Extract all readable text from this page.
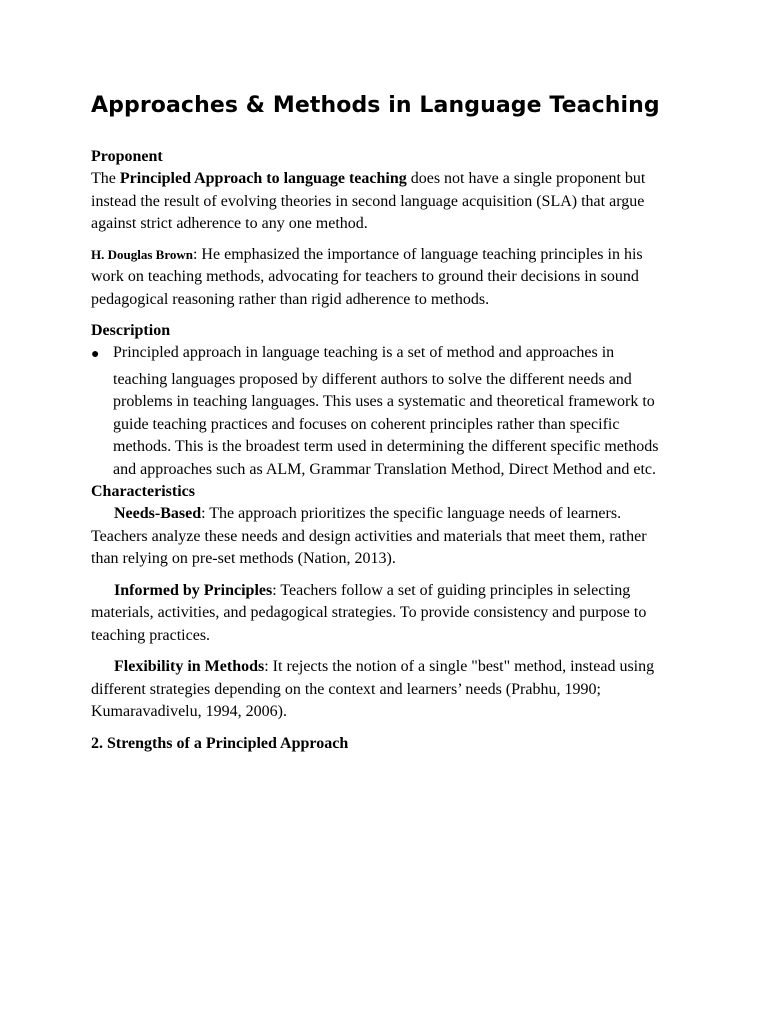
Approaches & Methods in Language Teaching
Proponent

The Principled Approach to language teaching does not have a single proponent but instead the result of evolving theories in second language acquisition (SLA) that argue against strict adherence to any one method.

H. Douglas Brown: He emphasized the importance of language teaching principles in his work on teaching methods, advocating for teachers to ground their decisions in sound pedagogical reasoning rather than rigid adherence to methods.

Description
● Principled approach in language teaching is a set of method and approaches in
teaching languages proposed by different authors to solve the different needs and problems in teaching languages. This uses a systematic and theoretical framework to guide teaching practices and focuses on coherent principles rather than specific methods. This is the broadest term used in determining the different specific methods and approaches such as ALM, Grammar Translation Method, Direct Method and etc.

Characteristics

Needs-Based: The approach prioritizes the specific language needs of learners. Teachers analyze these needs and design activities and materials that meet them, rather than relying on pre-set methods (Nation, 2013).

Informed by Principles: Teachers follow a set of guiding principles in selecting materials, activities, and pedagogical strategies. To provide consistency and purpose to teaching practices.

Flexibility in Methods: It rejects the notion of a single "best" method, instead using different strategies depending on the context and learners’ needs (Prabhu, 1990; Kumaravadivelu, 1994, 2006).

2. Strengths of a Principled Approach
